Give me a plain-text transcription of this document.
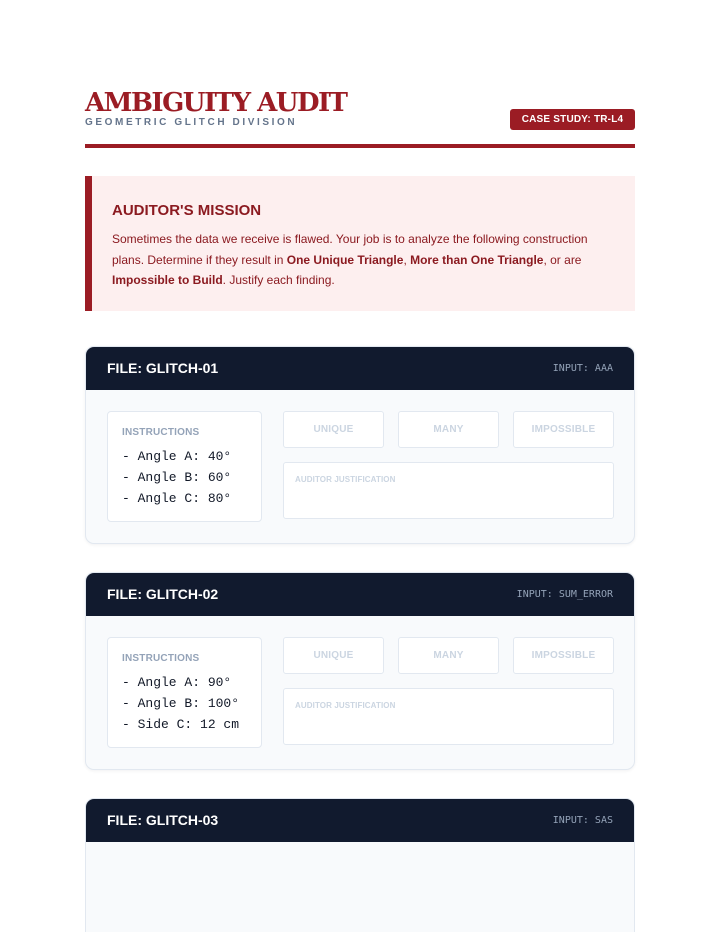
AMBIGUITY AUDIT
GEOMETRIC GLITCH DIVISION	CASE STUDY: TR-L4
AUDITOR'S MISSION

Sometimes the data we receive is flawed. Your job is to analyze the following construction plans. Determine if they result in One Unique Triangle, More than One Triangle, or are Impossible to Build. Justify each finding.

FILE: GLITCH-01	INPUT: AAA
INSTRUCTIONS
- Angle A: 40°
- Angle B: 60°
- Angle C: 80°
UNIQUE	MANY	IMPOSSIBLE
AUDITOR JUSTIFICATION
FILE: GLITCH-02	INPUT: SUM_ERROR
INSTRUCTIONS
- Angle A: 90°
- Angle B: 100°
- Side C: 12 cm
UNIQUE	MANY	IMPOSSIBLE
AUDITOR JUSTIFICATION
FILE: GLITCH-03	INPUT: SAS
